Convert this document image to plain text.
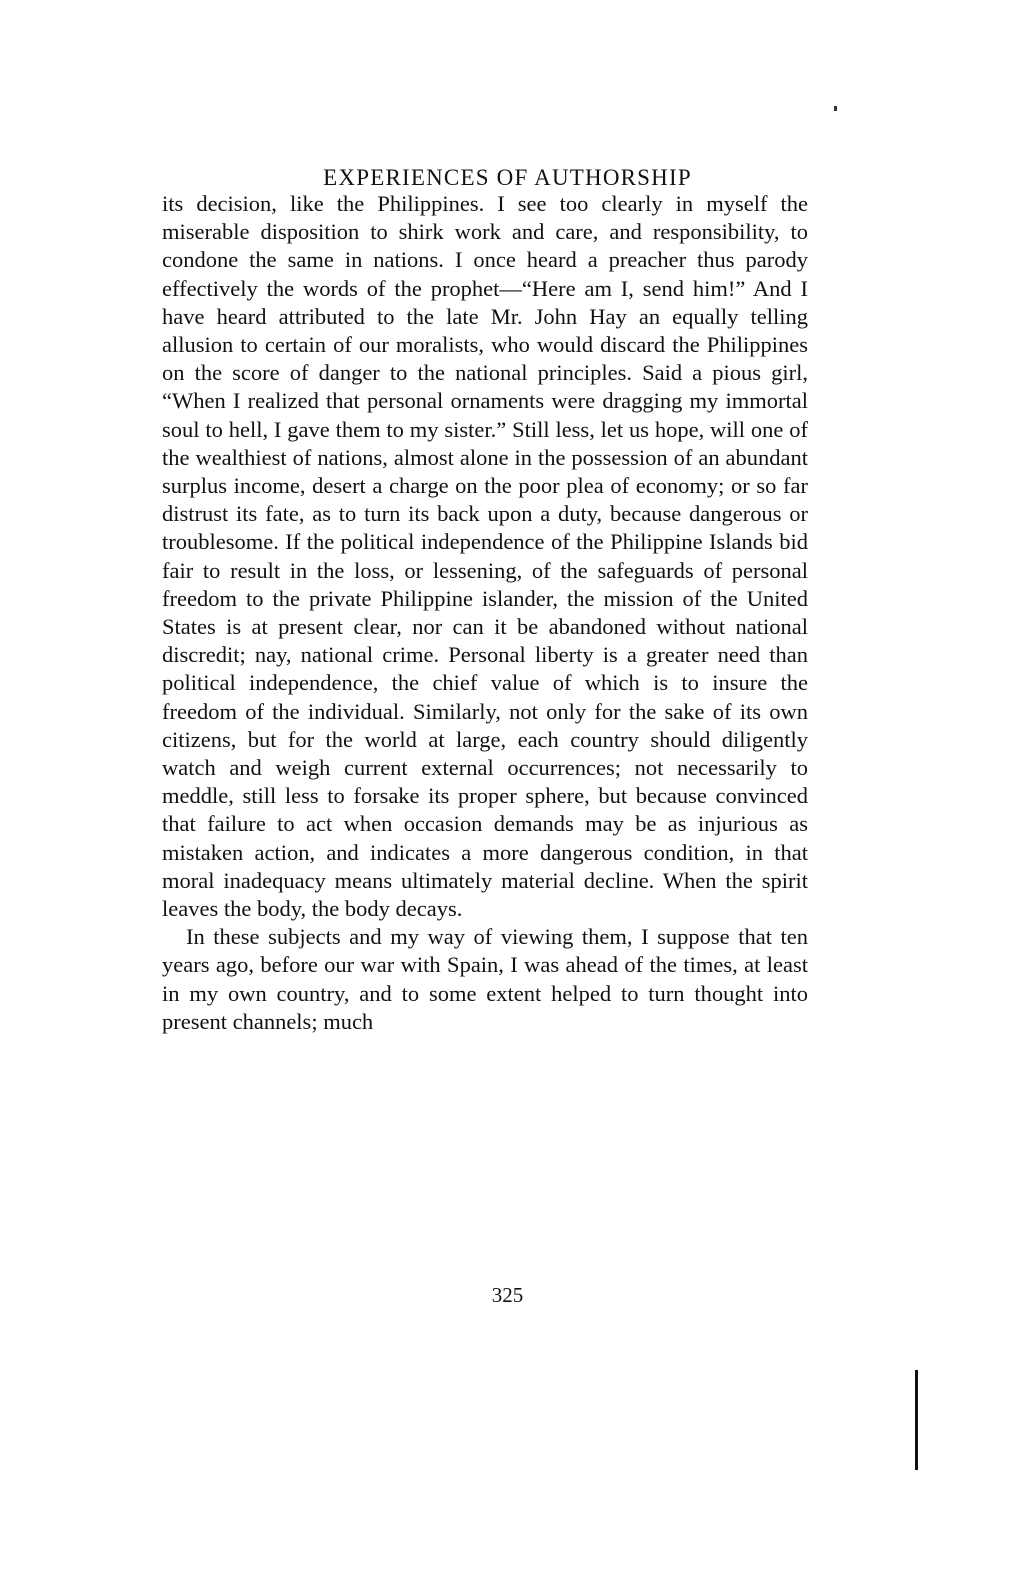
EXPERIENCES OF AUTHORSHIP

its decision, like the Philippines. I see too clearly in myself the miserable disposition to shirk work and care, and responsibility, to condone the same in nations. I once heard a preacher thus parody effectively the words of the prophet—“Here am I, send him!” And I have heard attributed to the late Mr. John Hay an equally telling allusion to certain of our moralists, who would discard the Philippines on the score of danger to the national principles. Said a pious girl, “When I realized that personal ornaments were dragging my immortal soul to hell, I gave them to my sister.” Still less, let us hope, will one of the wealthiest of nations, almost alone in the possession of an abundant surplus income, desert a charge on the poor plea of economy; or so far distrust its fate, as to turn its back upon a duty, because dangerous or troublesome. If the political independence of the Philippine Islands bid fair to result in the loss, or lessening, of the safeguards of personal freedom to the private Philippine islander, the mission of the United States is at present clear, nor can it be abandoned without national discredit; nay, national crime. Personal liberty is a greater need than political independence, the chief value of which is to insure the freedom of the individual. Similarly, not only for the sake of its own citizens, but for the world at large, each country should diligently watch and weigh current external occurrences; not necessarily to meddle, still less to forsake its proper sphere, but because convinced that failure to act when occasion demands may be as injurious as mistaken action, and indicates a more dangerous condition, in that moral inadequacy means ultimately material decline. When the spirit leaves the body, the body decays.

In these subjects and my way of viewing them, I suppose that ten years ago, before our war with Spain, I was ahead of the times, at least in my own country, and to some extent helped to turn thought into present channels; much

325
